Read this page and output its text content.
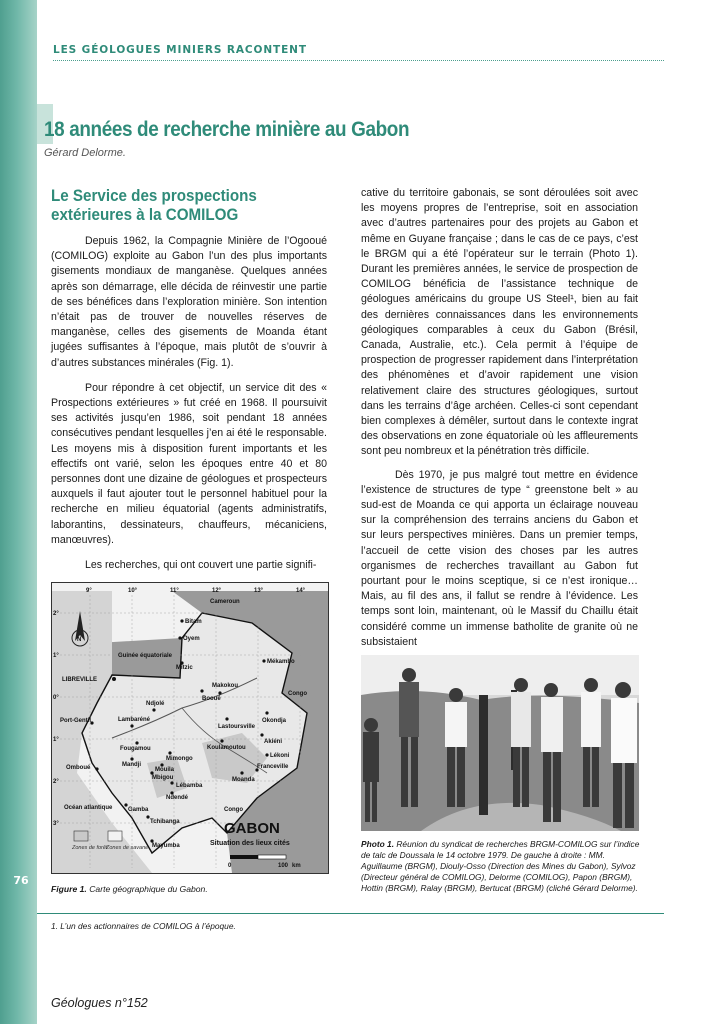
76
LES GÉOLOGUES MINIERS RACONTENT
18 années de recherche minière au Gabon
Gérard Delorme.
Le Service des prospections extérieures à la COMILOG

Depuis 1962, la Compagnie Minière de l’Ogooué (COMILOG) exploite au Gabon l’un des plus importants gisements mondiaux de manganèse. Quelques années après son démarrage, elle décida de réinvestir une partie de ses bénéfices dans l’exploration minière. Son intention n’était pas de trouver de nouvelles réserves de manganèse, celles des gisements de Moanda étant jugées suffisantes à l’époque, mais plutôt de s’ouvrir à d’autres substances minérales (Fig. 1).

Pour répondre à cet objectif, un service dit des « Prospections extérieures » fut créé en 1968. Il poursuivit ses activités jusqu’en 1986, soit pendant 18 années consécutives pendant lesquelles j’en ai été le responsable. Les moyens mis à disposition furent importants et les effectifs ont varié, selon les époques entre 40 et 80 personnes dont une dizaine de géologues et prospecteurs auxquels il faut ajouter tout le personnel habituel pour la recherche en milieu équatorial (agents administratifs, laborantins, dessinateurs, chauffeurs, mécaniciens, manœuvres).

Les recherches, qui ont couvert une partie signifi-

cative du territoire gabonais, se sont déroulées soit avec les moyens propres de l’entreprise, soit en association avec d’autres partenaires pour des projets au Gabon et même en Guyane française ; dans le cas de ce pays, c’est le BRGM qui a été l’opérateur sur le terrain (Photo 1). Durant les premières années, le service de prospection de COMILOG bénéficia de l’assistance technique de géologues américains du groupe US Steel¹, bien au fait des dernières connaissances dans les environnements géologiques comparables à ceux du Gabon (Brésil, Canada, Australie, etc.). Cela permit à l’équipe de prospection de progresser rapidement dans l’interprétation des phénomènes et d’avoir rapidement une vision relativement claire des structures géologiques, surtout dans les terrains d’âge archéen. Celles-ci sont cependant bien complexes à démêler, surtout dans le contexte ingrat des observations en zone équatoriale où les affleurements sont peu nombreux et la pénétration très difficile.

Dès 1970, je pus malgré tout mettre en évidence l’existence de structures de type “ greenstone belt » au sud-est de Moanda ce qui apporta un éclairage nouveau sur la compréhension des terrains anciens du Gabon et sur leurs perspectives minières. Dans un premier temps, l’accueil de cette vision des choses par les autres organismes de recherches travaillant au Gabon fut pourtant pour le moins sceptique, si ce n’est ironique… Mais, au fil des ans, il fallut se rendre à l’évidence. Les temps sont loin, maintenant, où le Massif du Chaillu était considéré comme un immense batholite de granite où ne subsistaient

N
9°	10°	11°	12°	13°	14°
2°
1°
0°
1°
2°
3°
Cameroun
Guinée équatoriale
Congo
Congo
Océan atlantique
Bitam
Oyem
Mitzic
Makokou
Mékambo
LIBREVILLE
Booué
Port-Gentil	Lambaréné
Ndjolé
Lastoursville
Okondja
Fougamou	Koulamoutou
Akiéni
Mimongo
Mbigou
Lékoni
Franceville
Moanda
Mouila
Mandji
Omboué
Ndendé
Gamba
Tchibanga
Mayumba
Lébamba
Zones de forêt
Zones de savane
GABON
Situation des lieux cités
0	100 km
Figure 1. Carte géographique du Gabon.
Photo 1. Réunion du syndicat de recherches BRGM-COMILOG sur l’indice de talc de Doussala le 14 octobre 1979. De gauche à droite : MM. Aguillaume (BRGM), Diouly-Osso (Direction des Mines du Gabon), Sylvoz (Directeur général de COMILOG), Delorme (COMILOG), Papon (BRGM), Hottin (BRGM), Ralay (BRGM), Bertucat (BRGM) (cliché Gérard Delorme).
1. L’un des actionnaires de COMILOG à l’époque.
Géologues n°152
